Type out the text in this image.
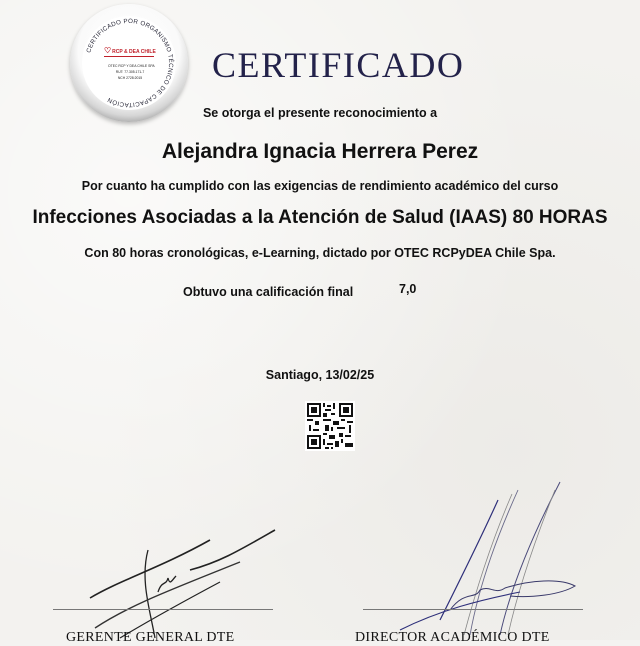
CERTIFICADO POR ORGANISMO TÉCNICO DE CAPACITACIÓN
♡RCP & DEA CHILE
OTEC RCP Y DEA CHILE SPA
RUT: 77.305.171-7
NCH 2728:2015 CERTIFICADO
Se otorga el presente reconocimiento a
Alejandra Ignacia Herrera Perez
Por cuanto ha cumplido con las exigencias de rendimiento académico del curso
Infecciones Asociadas a la Atención de Salud (IAAS) 80 HORAS
Con 80 horas cronológicas, e-Learning, dictado por OTEC RCPyDEA Chile Spa.
Obtuvo una calificación final	7,0
Santiago, 13/02/25
GERENTE GENERAL DTE	DIRECTOR ACADÉMICO DTE
